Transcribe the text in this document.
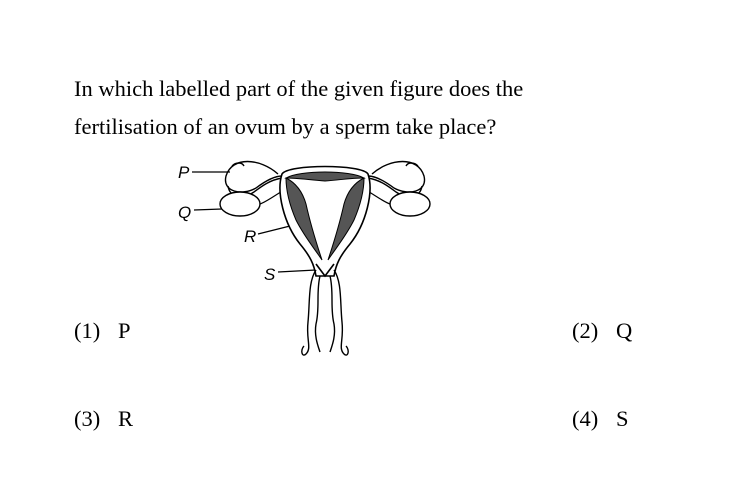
In which labelled part of the given figure does the
fertilisation of an ovum by a sperm take place?
P
Q
R
S
(1) P	(2) Q
(3) R	(4) S
